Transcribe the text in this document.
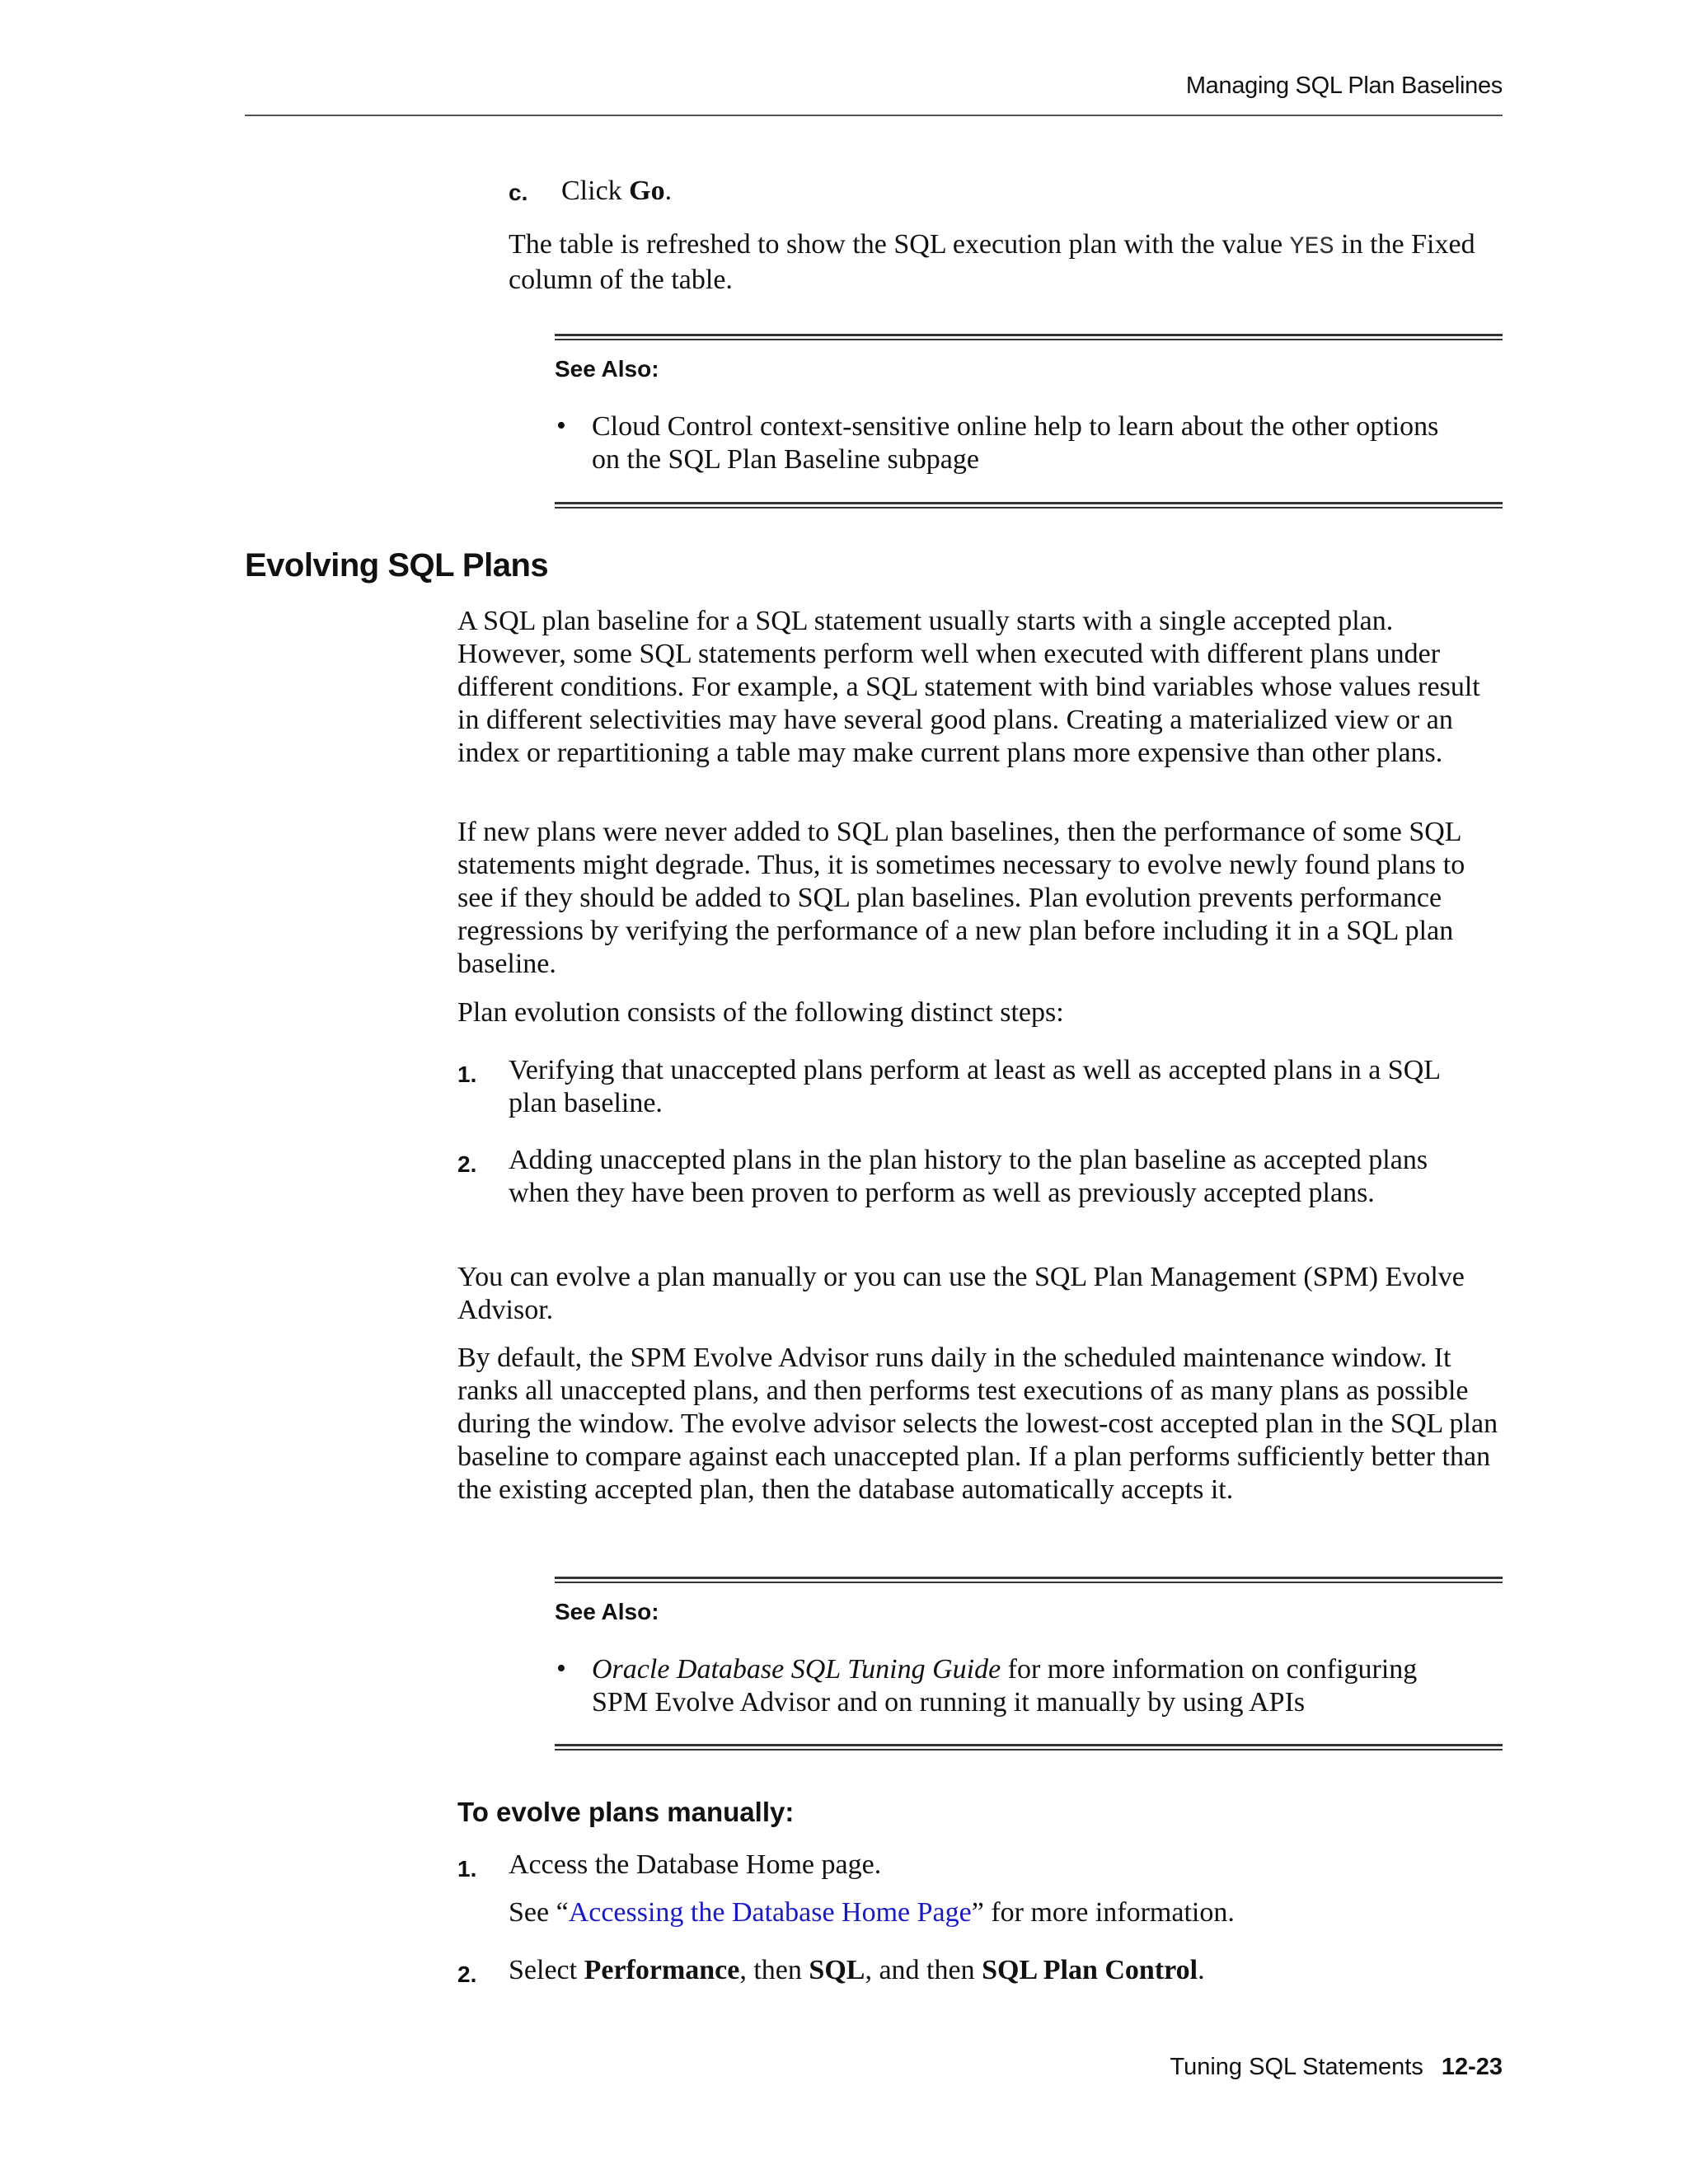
Managing SQL Plan Baselines
c. Click Go.

The table is refreshed to show the SQL execution plan with the value YES in the Fixed column of the table.

See Also:
• Cloud Control context-sensitive online help to learn about the other options on the SQL Plan Baseline subpage

Evolving SQL Plans

A SQL plan baseline for a SQL statement usually starts with a single accepted plan. However, some SQL statements perform well when executed with different plans under different conditions. For example, a SQL statement with bind variables whose values result in different selectivities may have several good plans. Creating a materialized view or an index or repartitioning a table may make current plans more expensive than other plans.

If new plans were never added to SQL plan baselines, then the performance of some SQL statements might degrade. Thus, it is sometimes necessary to evolve newly found plans to see if they should be added to SQL plan baselines. Plan evolution prevents performance regressions by verifying the performance of a new plan before including it in a SQL plan baseline.

Plan evolution consists of the following distinct steps:

1. Verifying that unaccepted plans perform at least as well as accepted plans in a SQL plan baseline.

2. Adding unaccepted plans in the plan history to the plan baseline as accepted plans when they have been proven to perform as well as previously accepted plans.

You can evolve a plan manually or you can use the SQL Plan Management (SPM) Evolve Advisor.

By default, the SPM Evolve Advisor runs daily in the scheduled maintenance window. It ranks all unaccepted plans, and then performs test executions of as many plans as possible during the window. The evolve advisor selects the lowest-cost accepted plan in the SQL plan baseline to compare against each unaccepted plan. If a plan performs sufficiently better than the existing accepted plan, then the database automatically accepts it.

See Also:
• Oracle Database SQL Tuning Guide for more information on configuring SPM Evolve Advisor and on running it manually by using APIs

To evolve plans manually:
1. Access the Database Home page.

See “Accessing the Database Home Page” for more information.

2. Select Performance, then SQL, and then SQL Plan Control.

Tuning SQL Statements 12-23
